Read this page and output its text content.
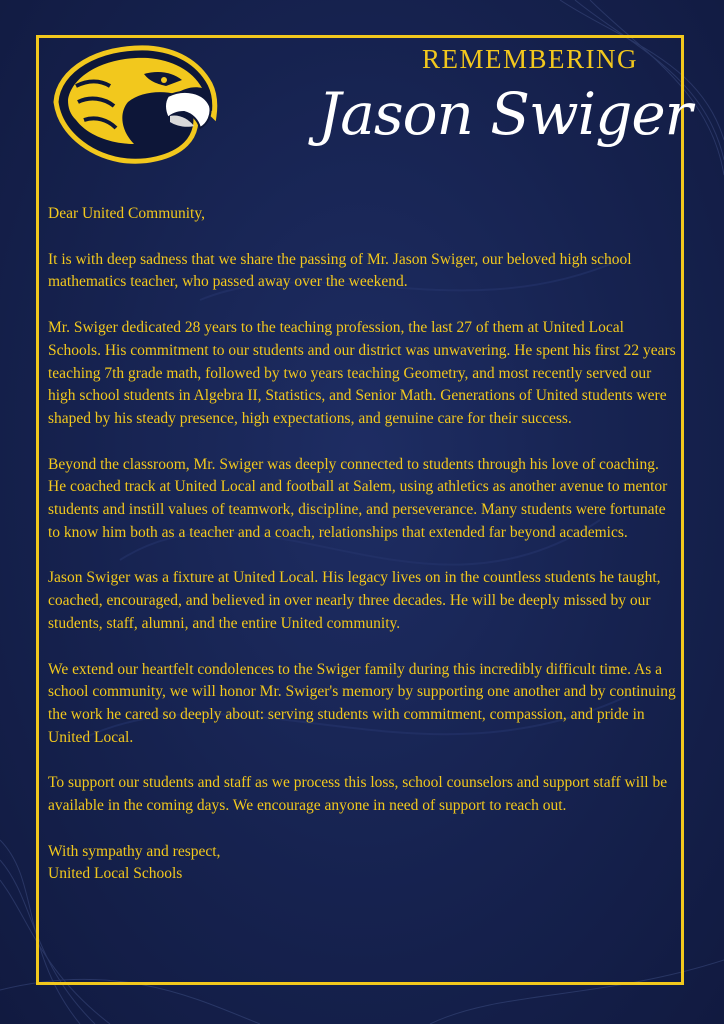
REMEMBERING
Jason Swiger

Dear United Community,

It is with deep sadness that we share the passing of Mr. Jason Swiger, our beloved high school mathematics teacher, who passed away over the weekend.

Mr. Swiger dedicated 28 years to the teaching profession, the last 27 of them at United Local Schools. His commitment to our students and our district was unwavering. He spent his first 22 years teaching 7th grade math, followed by two years teaching Geometry, and most recently served our high school students in Algebra II, Statistics, and Senior Math. Generations of United students were shaped by his steady presence, high expectations, and genuine care for their success.

Beyond the classroom, Mr. Swiger was deeply connected to students through his love of coaching. He coached track at United Local and football at Salem, using athletics as another avenue to mentor students and instill values of teamwork, discipline, and perseverance. Many students were fortunate to know him both as a teacher and a coach, relationships that extended far beyond academics.

Jason Swiger was a fixture at United Local. His legacy lives on in the countless students he taught, coached, encouraged, and believed in over nearly three decades. He will be deeply missed by our students, staff, alumni, and the entire United community.

We extend our heartfelt condolences to the Swiger family during this incredibly difficult time. As a school community, we will honor Mr. Swiger's memory by supporting one another and by continuing the work he cared so deeply about: serving students with commitment, compassion, and pride in United Local.

To support our students and staff as we process this loss, school counselors and support staff will be available in the coming days. We encourage anyone in need of support to reach out.

With sympathy and respect,
United Local Schools
